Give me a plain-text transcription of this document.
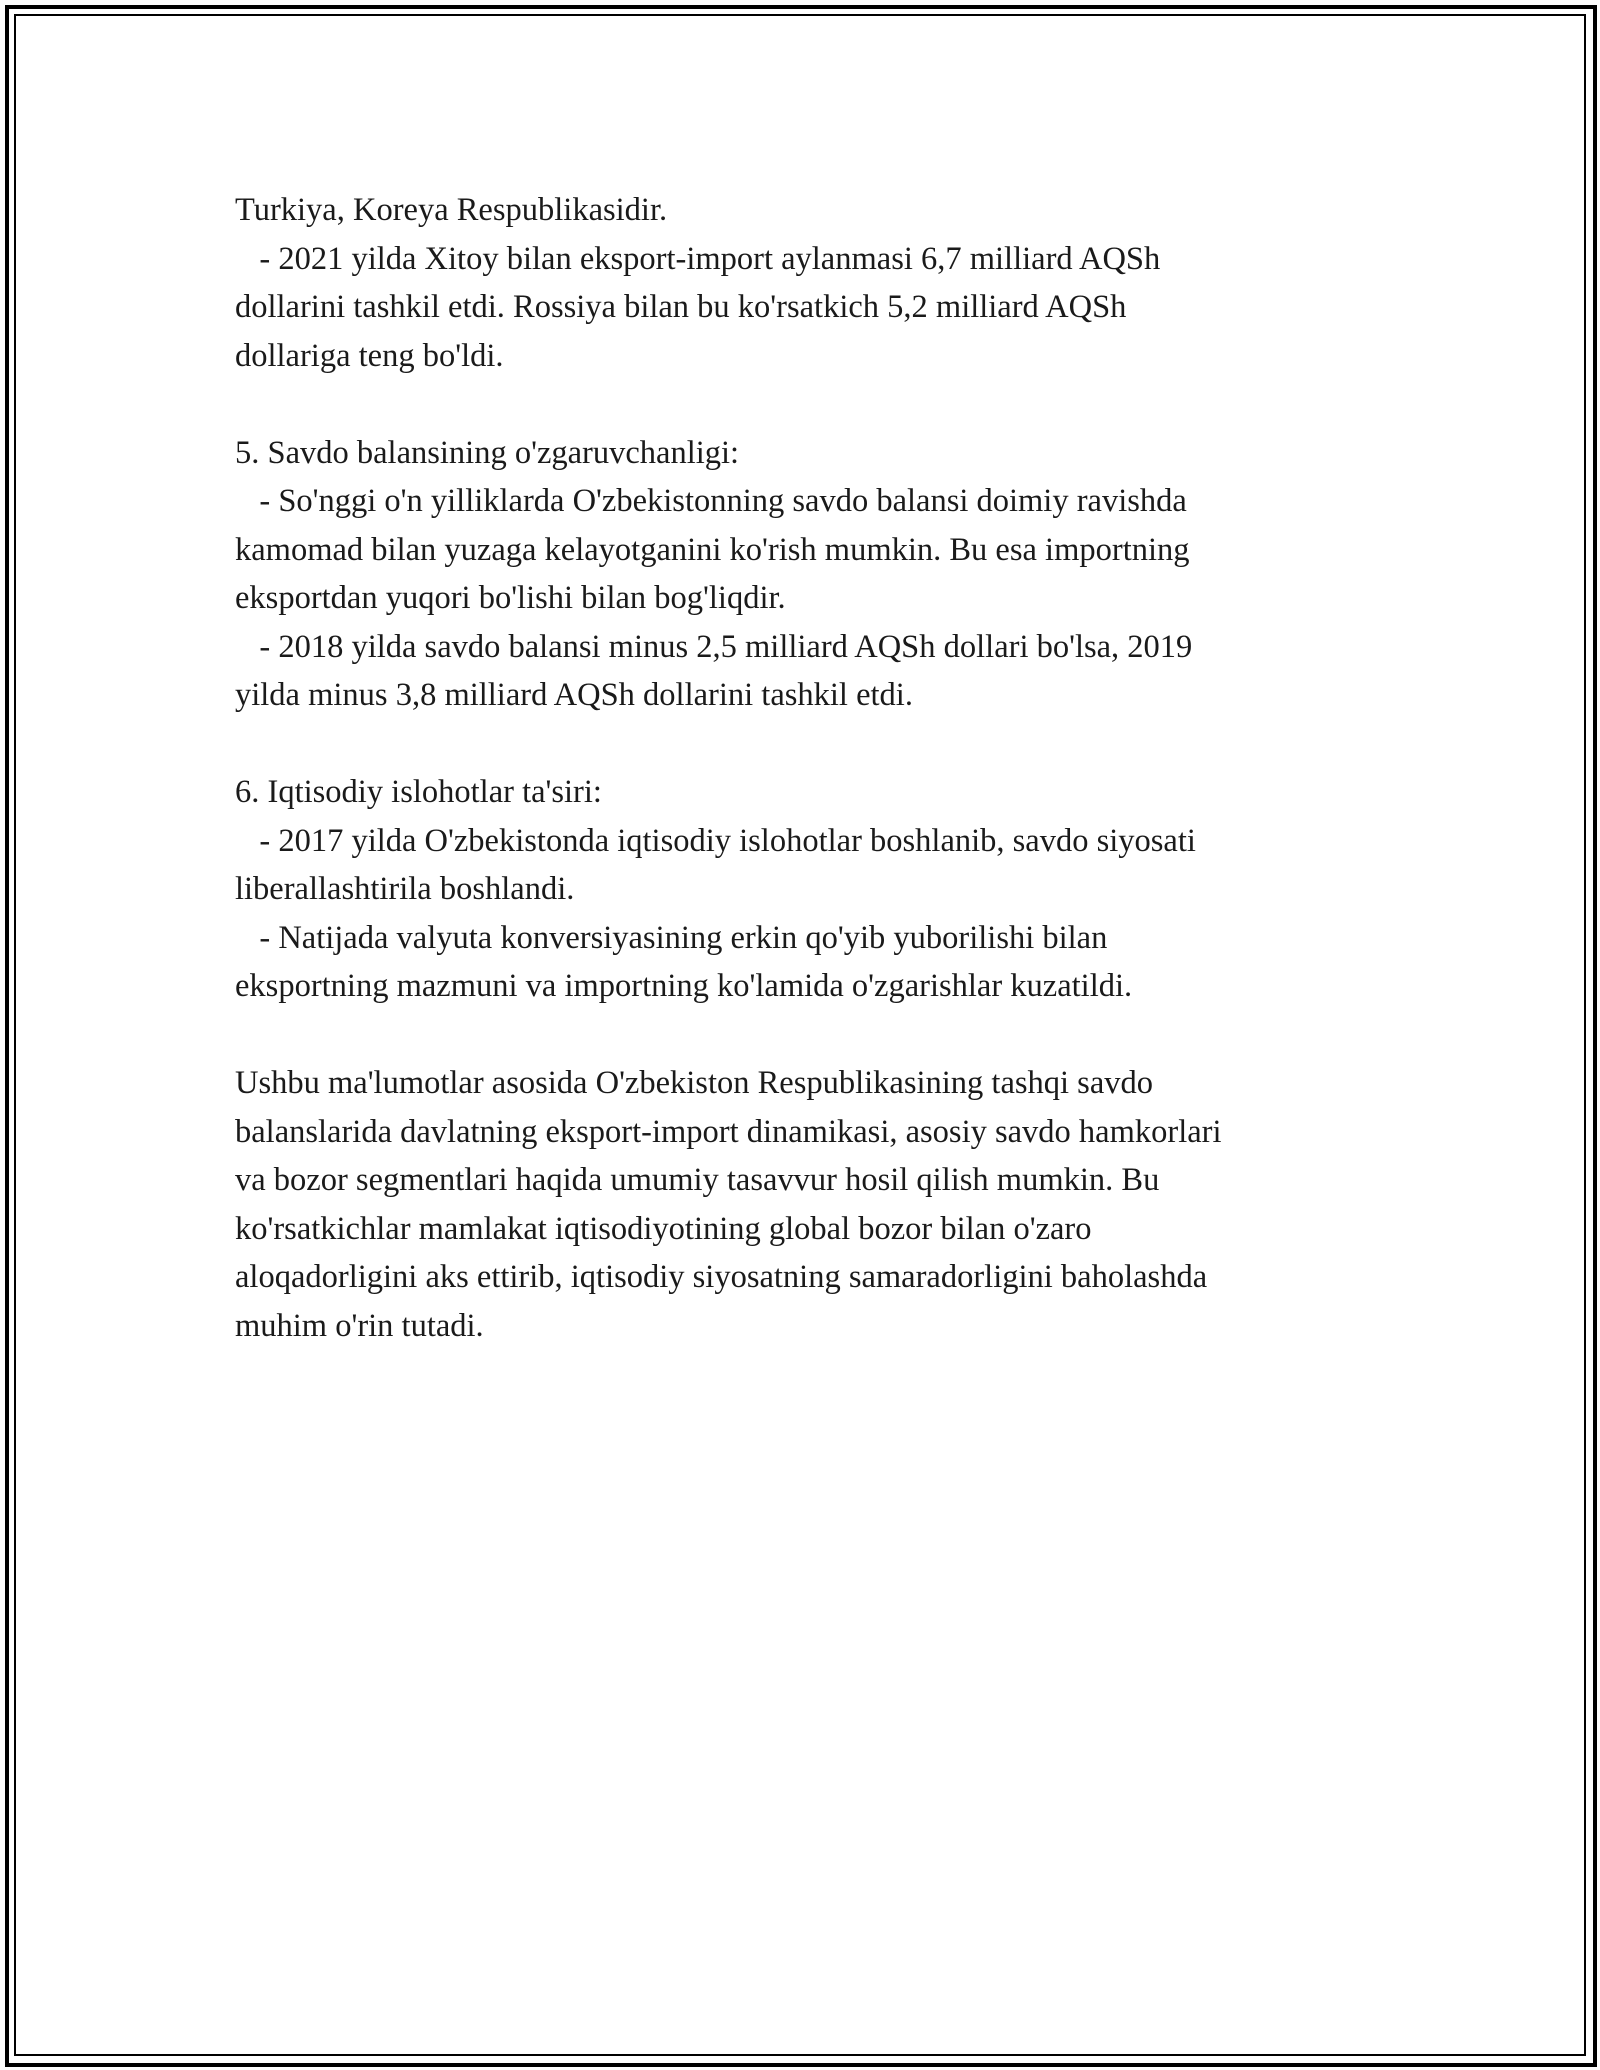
Turkiya, Koreya Respublikasidir.
- 2021 yilda Xitoy bilan eksport-import aylanmasi 6,7 milliard AQSh
dollarini tashkil etdi. Rossiya bilan bu ko'rsatkich 5,2 milliard AQSh
dollariga teng bo'ldi.
5. Savdo balansining o'zgaruvchanligi:
- So'nggi o'n yilliklarda O'zbekistonning savdo balansi doimiy ravishda
kamomad bilan yuzaga kelayotganini ko'rish mumkin. Bu esa importning
eksportdan yuqori bo'lishi bilan bog'liqdir.
- 2018 yilda savdo balansi minus 2,5 milliard AQSh dollari bo'lsa, 2019
yilda minus 3,8 milliard AQSh dollarini tashkil etdi.
6. Iqtisodiy islohotlar ta'siri:
- 2017 yilda O'zbekistonda iqtisodiy islohotlar boshlanib, savdo siyosati
liberallashtirila boshlandi.
- Natijada valyuta konversiyasining erkin qo'yib yuborilishi bilan
eksportning mazmuni va importning ko'lamida o'zgarishlar kuzatildi.
Ushbu ma'lumotlar asosida O'zbekiston Respublikasining tashqi savdo
balanslarida davlatning eksport-import dinamikasi, asosiy savdo hamkorlari
va bozor segmentlari haqida umumiy tasavvur hosil qilish mumkin. Bu
ko'rsatkichlar mamlakat iqtisodiyotining global bozor bilan o'zaro
aloqadorligini aks ettirib, iqtisodiy siyosatning samaradorligini baholashda
muhim o'rin tutadi.
